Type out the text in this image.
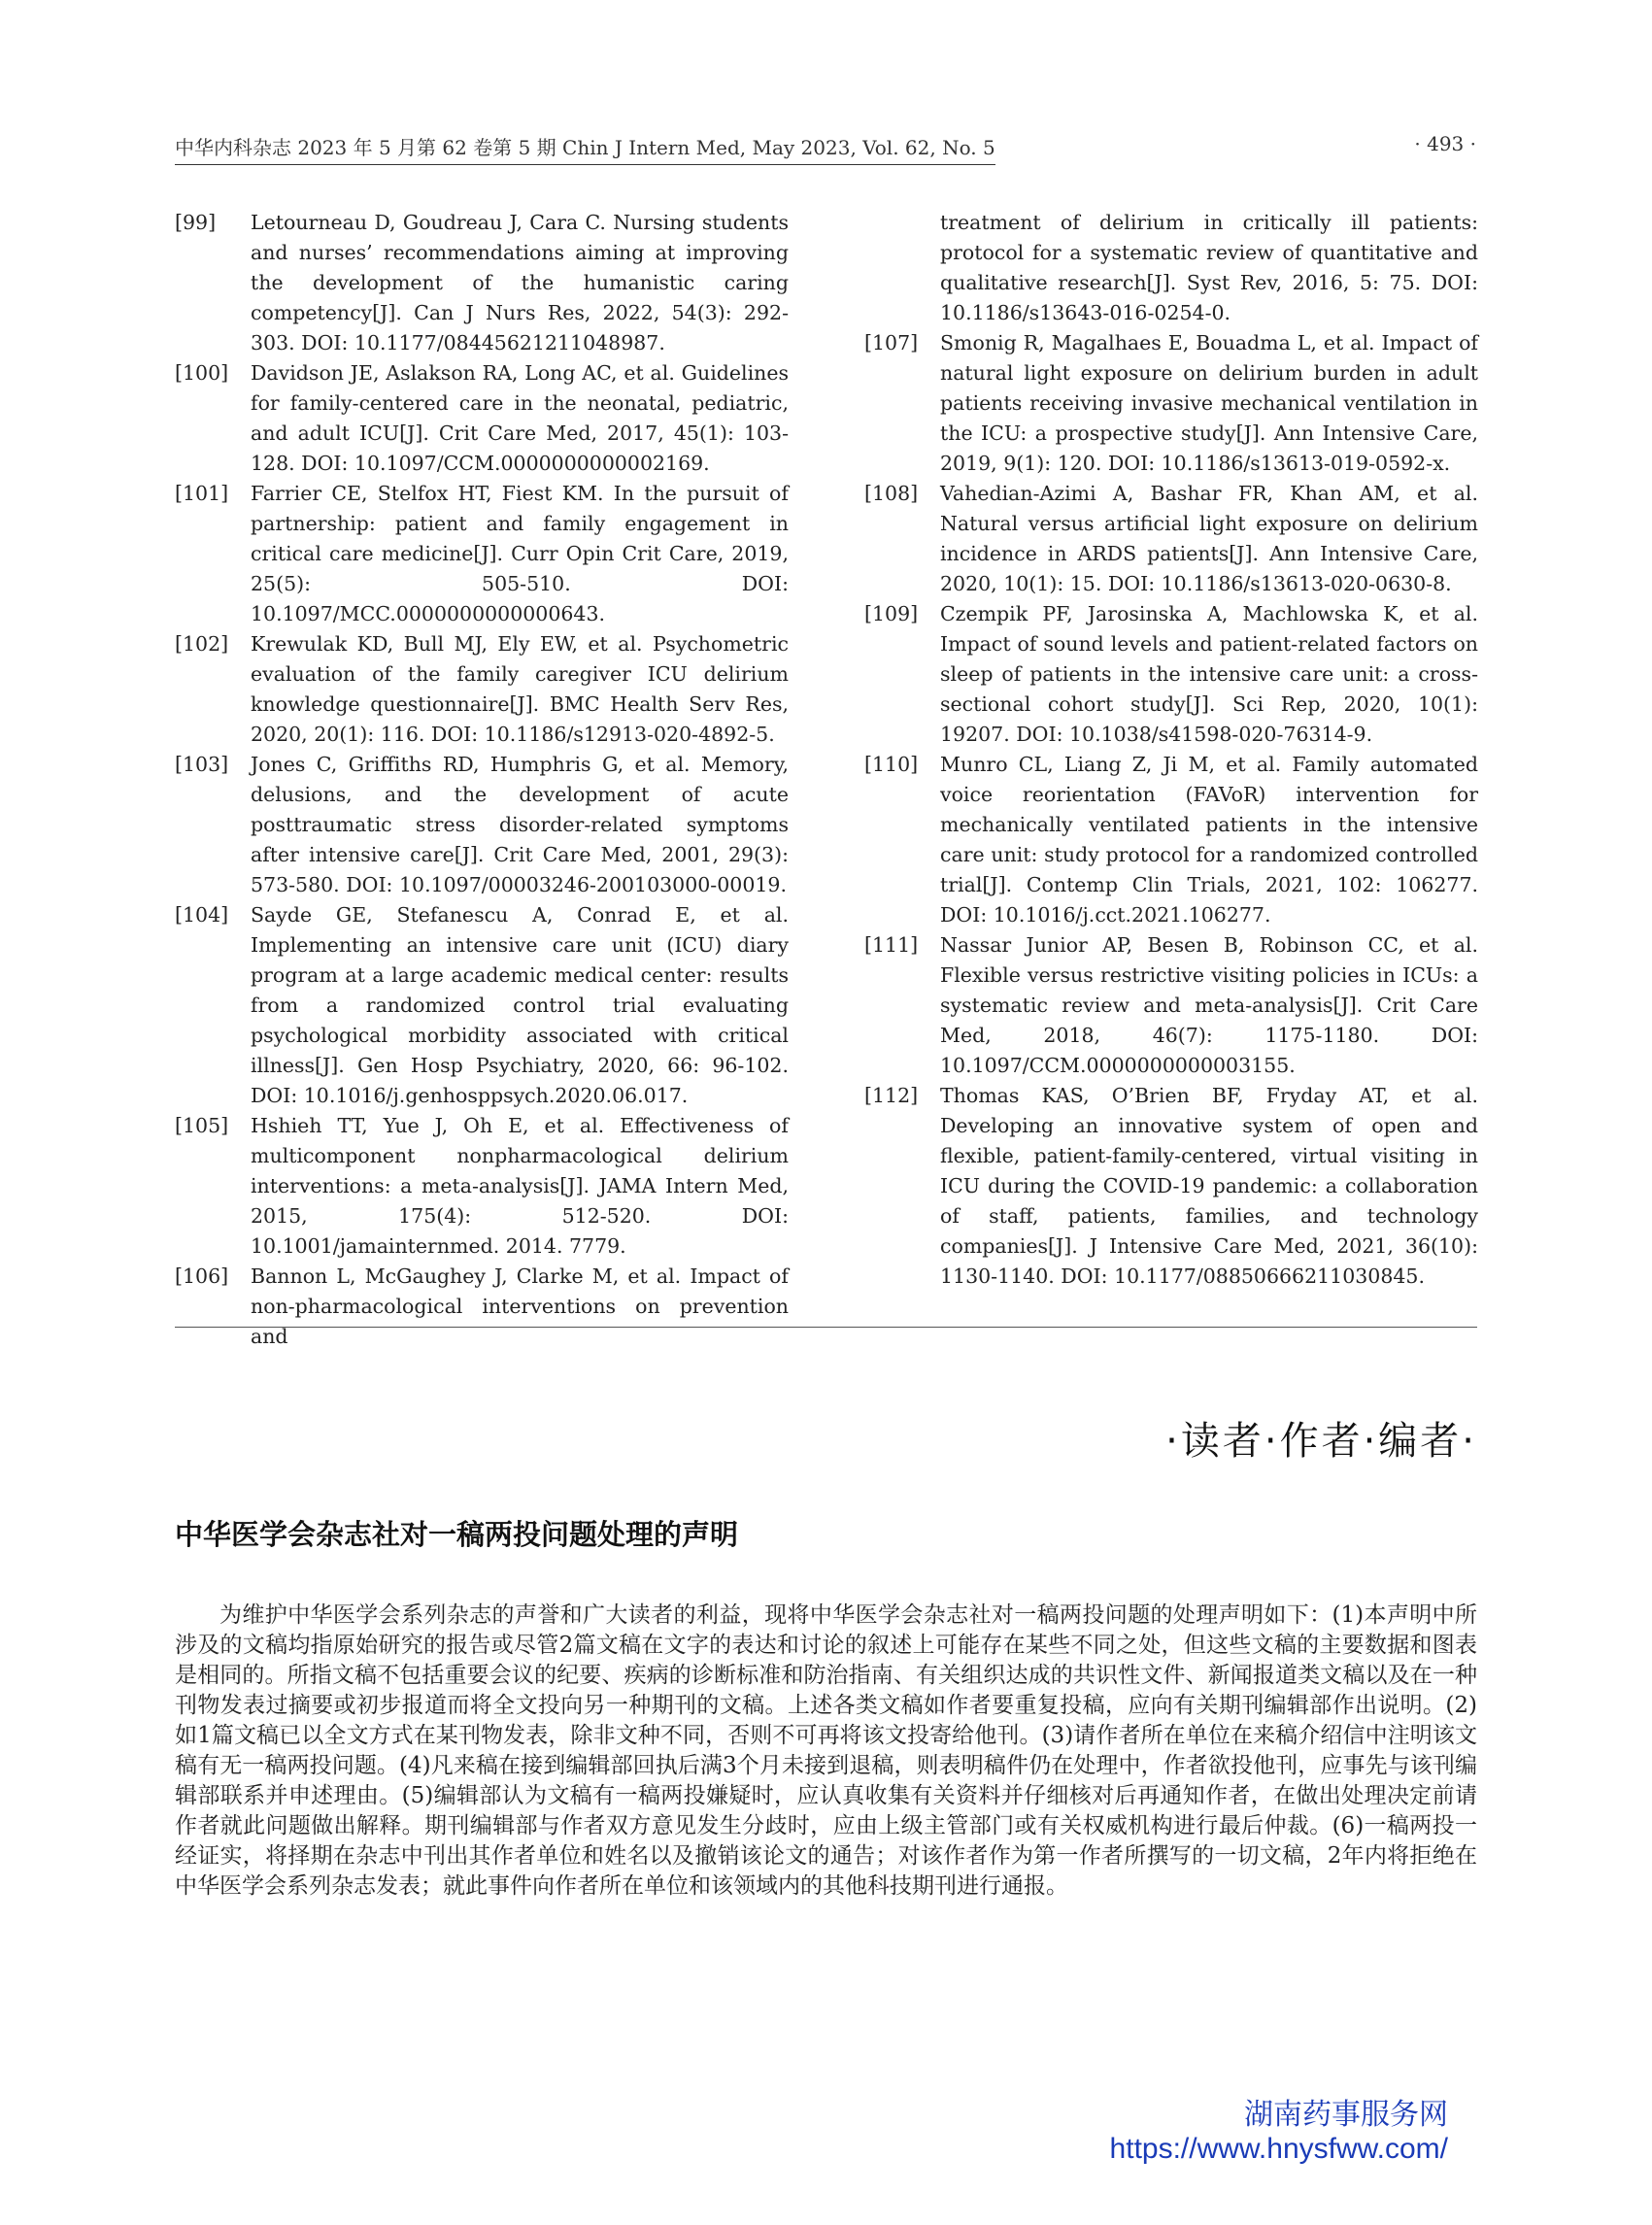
中华内科杂志 2023 年 5 月第 62 卷第 5 期 Chin J Intern Med, May 2023, Vol. 62, No. 5	· 493 ·
[99]	Letourneau D, Goudreau J, Cara C. Nursing students and nurses’ recommendations aiming at improving the development of the humanistic caring competency[J]. Can J Nurs Res, 2022, 54(3): 292-303. DOI: 10.1177/08445621211048987.
[100]	Davidson JE, Aslakson RA, Long AC, et al. Guidelines for family-centered care in the neonatal, pediatric, and adult ICU[J]. Crit Care Med, 2017, 45(1): 103-128. DOI: 10.1097/CCM.0000000000002169.
[101]	Farrier CE, Stelfox HT, Fiest KM. In the pursuit of partnership: patient and family engagement in critical care medicine[J]. Curr Opin Crit Care, 2019, 25(5): 505-510. DOI: 10.1097/MCC.0000000000000643.
[102]	Krewulak KD, Bull MJ, Ely EW, et al. Psychometric evaluation of the family caregiver ICU delirium knowledge questionnaire[J]. BMC Health Serv Res, 2020, 20(1): 116. DOI: 10.1186/s12913-020-4892-5.
[103]	Jones C, Griffiths RD, Humphris G, et al. Memory, delusions, and the development of acute posttraumatic stress disorder-related symptoms after intensive care[J]. Crit Care Med, 2001, 29(3): 573-580. DOI: 10.1097/00003246-200103000-00019.
[104]	Sayde GE, Stefanescu A, Conrad E, et al. Implementing an intensive care unit (ICU) diary program at a large academic medical center: results from a randomized control trial evaluating psychological morbidity associated with critical illness[J]. Gen Hosp Psychiatry, 2020, 66: 96-102. DOI: 10.1016/j.genhosppsych.2020.06.017.
[105]	Hshieh TT, Yue J, Oh E, et al. Effectiveness of multicomponent nonpharmacological delirium interventions: a meta-analysis[J]. JAMA Intern Med, 2015, 175(4): 512-520. DOI: 10.1001/jamainternmed. 2014. 7779.
[106]	Bannon L, McGaughey J, Clarke M, et al. Impact of non-pharmacological interventions on prevention and
treatment of delirium in critically ill patients: protocol for a systematic review of quantitative and qualitative research[J]. Syst Rev, 2016, 5: 75. DOI: 10.1186/s13643-016-0254-0.
[107]	Smonig R, Magalhaes E, Bouadma L, et al. Impact of natural light exposure on delirium burden in adult patients receiving invasive mechanical ventilation in the ICU: a prospective study[J]. Ann Intensive Care, 2019, 9(1): 120. DOI: 10.1186/s13613-019-0592-x.
[108]	Vahedian-Azimi A, Bashar FR, Khan AM, et al. Natural versus artificial light exposure on delirium incidence in ARDS patients[J]. Ann Intensive Care, 2020, 10(1): 15. DOI: 10.1186/s13613-020-0630-8.
[109]	Czempik PF, Jarosinska A, Machlowska K, et al. Impact of sound levels and patient-related factors on sleep of patients in the intensive care unit: a cross-sectional cohort study[J]. Sci Rep, 2020, 10(1): 19207. DOI: 10.1038/s41598-020-76314-9.
[110]	Munro CL, Liang Z, Ji M, et al. Family automated voice reorientation (FAVoR) intervention for mechanically ventilated patients in the intensive care unit: study protocol for a randomized controlled trial[J]. Contemp Clin Trials, 2021, 102: 106277. DOI: 10.1016/j.cct.2021.106277.
[111]	Nassar Junior AP, Besen B, Robinson CC, et al. Flexible versus restrictive visiting policies in ICUs: a systematic review and meta-analysis[J]. Crit Care Med, 2018, 46(7): 1175-1180. DOI: 10.1097/CCM.0000000000003155.
[112]	Thomas KAS, O’Brien BF, Fryday AT, et al. Developing an innovative system of open and flexible, patient-family-centered, virtual visiting in ICU during the COVID-19 pandemic: a collaboration of staff, patients, families, and technology companies[J]. J Intensive Care Med, 2021, 36(10): 1130-1140. DOI: 10.1177/08850666211030845.
·读者·作者·编者·
中华医学会杂志社对一稿两投问题处理的声明
为维护中华医学会系列杂志的声誉和广大读者的利益，现将中华医学会杂志社对一稿两投问题的处理声明如下：(1)本声明中所涉及的文稿均指原始研究的报告或尽管2篇文稿在文字的表达和讨论的叙述上可能存在某些不同之处，但这些文稿的主要数据和图表是相同的。所指文稿不包括重要会议的纪要、疾病的诊断标准和防治指南、有关组织达成的共识性文件、新闻报道类文稿以及在一种刊物发表过摘要或初步报道而将全文投向另一种期刊的文稿。上述各类文稿如作者要重复投稿，应向有关期刊编辑部作出说明。(2)如1篇文稿已以全文方式在某刊物发表，除非文种不同，否则不可再将该文投寄给他刊。(3)请作者所在单位在来稿介绍信中注明该文稿有无一稿两投问题。(4)凡来稿在接到编辑部回执后满3个月未接到退稿，则表明稿件仍在处理中，作者欲投他刊，应事先与该刊编辑部联系并申述理由。(5)编辑部认为文稿有一稿两投嫌疑时，应认真收集有关资料并仔细核对后再通知作者，在做出处理决定前请作者就此问题做出解释。期刊编辑部与作者双方意见发生分歧时，应由上级主管部门或有关权威机构进行最后仲裁。(6)一稿两投一经证实，将择期在杂志中刊出其作者单位和姓名以及撤销该论文的通告；对该作者作为第一作者所撰写的一切文稿，2年内将拒绝在中华医学会系列杂志发表；就此事件向作者所在单位和该领域内的其他科技期刊进行通报。
湖南药事服务网
https://www.hnysfww.com/
